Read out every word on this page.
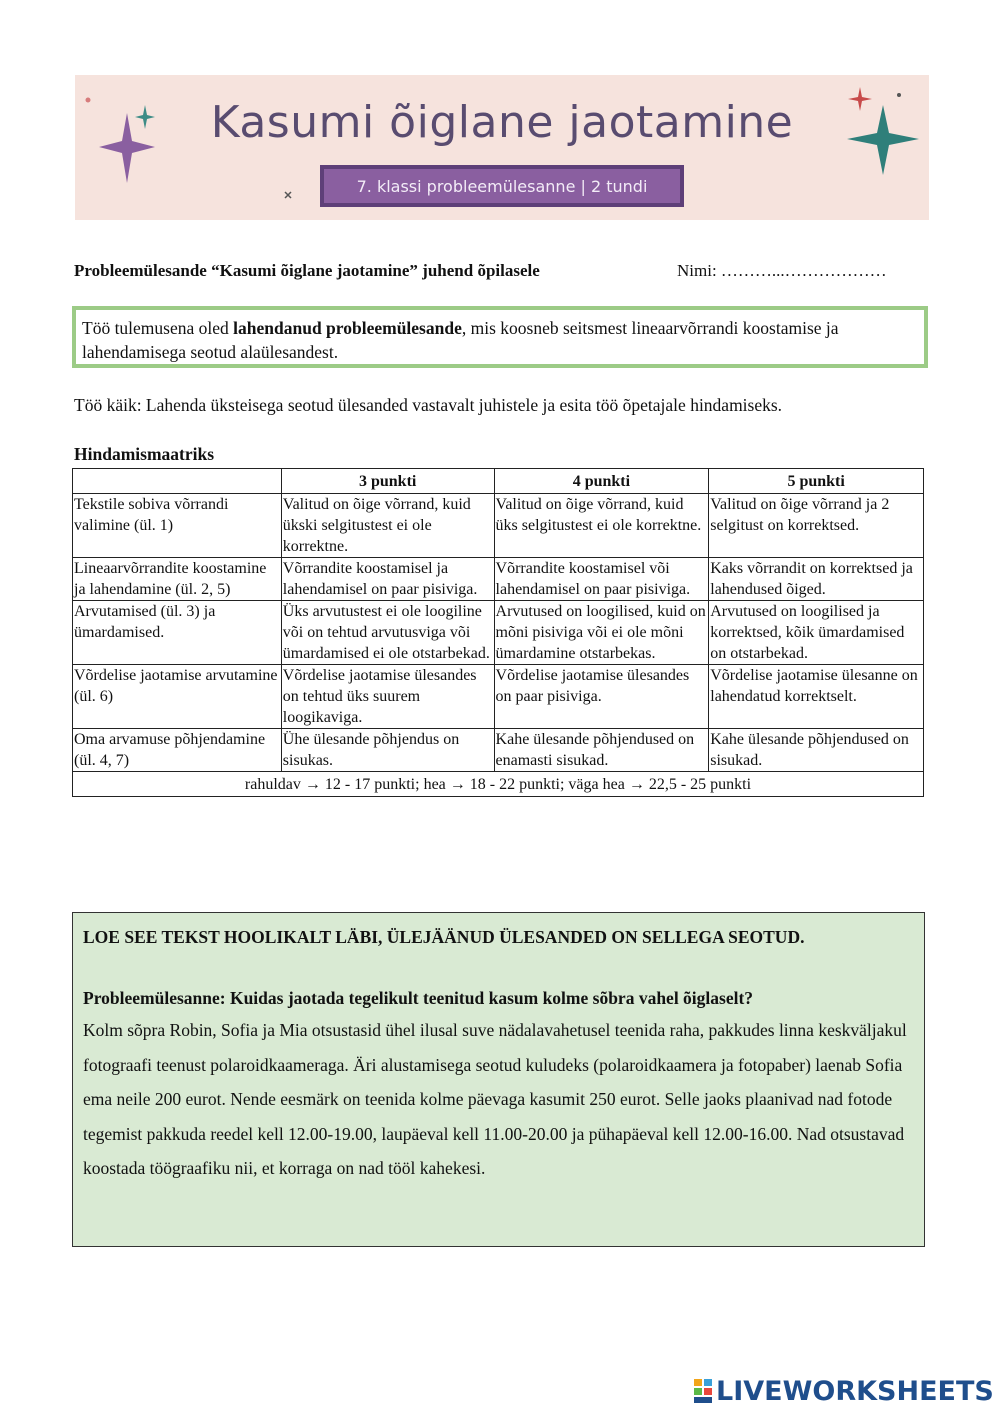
Kasumi õiglane jaotamine
7. klassi probleemülesanne | 2 tundi
Probleemülesande “Kasumi õiglane jaotamine” juhend õpilasele	Nimi: ………...………………
Töö tulemusena oled lahendanud probleemülesande, mis koosneb seitsmest lineaarvõrrandi koostamise ja lahendamisega seotud alaülesandest.
Töö käik: Lahenda üksteisega seotud ülesanded vastavalt juhistele ja esita töö õpetajale hindamiseks.
Hindamismaatriks
	3 punkti	4 punkti	5 punkti
Tekstile sobiva võrrandi valimine (ül. 1)	Valitud on õige võrrand, kuid ükski selgitustest ei ole korrektne.	Valitud on õige võrrand, kuid üks selgitustest ei ole korrektne.	Valitud on õige võrrand ja 2 selgitust on korrektsed.
Lineaarvõrrandite koostamine ja lahendamine (ül. 2, 5)	Võrrandite koostamisel ja lahendamisel on paar pisiviga.	Võrrandite koostamisel või lahendamisel on paar pisiviga.	Kaks võrrandit on korrektsed ja lahendused õiged.
Arvutamised (ül. 3) ja ümardamised.	Üks arvutustest ei ole loogiline või on tehtud arvutusviga või ümardamised ei ole otstarbekad.	Arvutused on loogilised, kuid on mõni pisiviga või ei ole mõni ümardamine otstarbekas.	Arvutused on loogilised ja korrektsed, kõik ümardamised on otstarbekad.
Võrdelise jaotamise arvutamine (ül. 6)	Võrdelise jaotamise ülesandes on tehtud üks suurem loogikaviga.	Võrdelise jaotamise ülesandes on paar pisiviga.	Võrdelise jaotamise ülesanne on lahendatud korrektselt.
Oma arvamuse põhjendamine (ül. 4, 7)	Ühe ülesande põhjendus on sisukas.	Kahe ülesande põhjendused on enamasti sisukad.	Kahe ülesande põhjendused on sisukad.
rahuldav → 12 - 17 punkti; hea → 18 - 22 punkti; väga hea → 22,5 - 25 punkti			
LOE SEE TEKST HOOLIKALT LÄBI, ÜLEJÄÄNUD ÜLESANDED ON SELLEGA SEOTUD.
Probleemülesanne: Kuidas jaotada tegelikult teenitud kasum kolme sõbra vahel õiglaselt?
Kolm sõpra Robin, Sofia ja Mia otsustasid ühel ilusal suve nädalavahetusel teenida raha, pakkudes linna keskväljakul fotograafi teenust polaroidkaameraga. Äri alustamisega seotud kuludeks (polaroidkaamera ja fotopaber) laenab Sofia ema neile 200 eurot. Nende eesmärk on teenida kolme päevaga kasumit 250 eurot. Selle jaoks plaanivad nad fotode tegemist pakkuda reedel kell 12.00-19.00, laupäeval kell 11.00-20.00 ja pühapäeval kell 12.00-16.00. Nad otsustavad koostada töögraafiku nii, et korraga on nad tööl kahekesi.
LIVEWORKSHEETS
